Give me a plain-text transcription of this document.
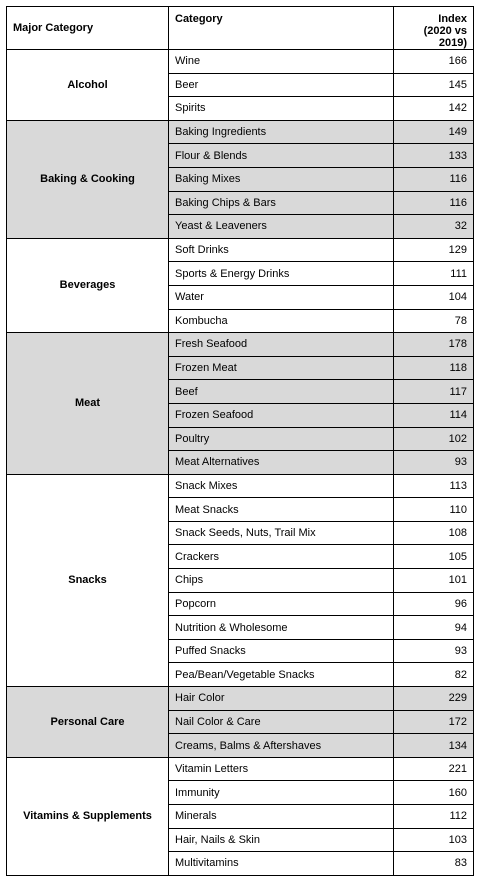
Major Category	Category	Index
(2020 vs 2019)
Alcohol	Wine	166
	Beer	145
	Spirits	142
Baking & Cooking	Baking Ingredients	149
	Flour & Blends	133
	Baking Mixes	116
	Baking Chips & Bars	116
	Yeast & Leaveners	32
Beverages	Soft Drinks	129
	Sports & Energy Drinks	111
	Water	104
	Kombucha	78
Meat	Fresh Seafood	178
	Frozen Meat	118
	Beef	117
	Frozen Seafood	114
	Poultry	102
	Meat Alternatives	93
Snacks	Snack Mixes	113
	Meat Snacks	110
	Snack Seeds, Nuts, Trail Mix	108
	Crackers	105
	Chips	101
	Popcorn	96
	Nutrition & Wholesome	94
	Puffed Snacks	93
	Pea/Bean/Vegetable Snacks	82
Personal Care	Hair Color	229
	Nail Color & Care	172
	Creams, Balms & Aftershaves	134
Vitamins & Supplements	Vitamin Letters	221
	Immunity	160
	Minerals	112
	Hair, Nails & Skin	103
	Multivitamins	83
